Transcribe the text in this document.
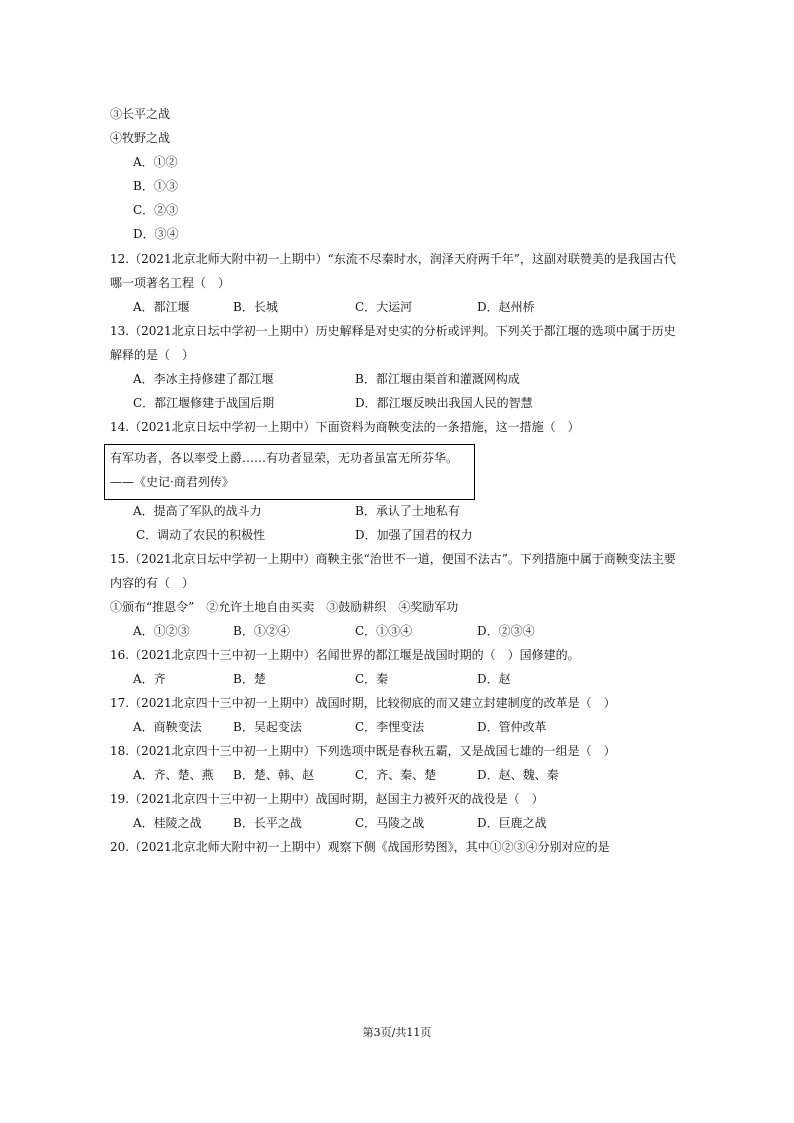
③长平之战
④牧野之战
A．①②
B．①③
C．②③
D．③④
12.（2021北京北师大附中初一上期中）“东流不尽秦时水，润泽天府两千年”，这副对联赞美的是我国古代
哪一项著名工程（　）
A．都江堰	B．长城	C．大运河	D．赵州桥
13.（2021北京日坛中学初一上期中）历史解释是对史实的分析或评判。下列关于都江堰的选项中属于历史
解释的是（　）
A．李冰主持修建了都江堰	B．都江堰由渠首和灌溉网构成
C．都江堰修建于战国后期	D．都江堰反映出我国人民的智慧
14.（2021北京日坛中学初一上期中）下面资料为商鞅变法的一条措施，这一措施（　）
有军功者，各以率受上爵……有功者显荣，无功者虽富无所芬华。
——《史记·商君列传》
A．提高了军队的战斗力	B．承认了土地私有
C．调动了农民的积极性	D．加强了国君的权力
15.（2021北京日坛中学初一上期中）商鞅主张“治世不一道，便国不法古”。下列措施中属于商鞅变法主要
内容的有（　）
①颁布“推恩令”　②允许土地自由买卖　③鼓励耕织　④奖励军功
A．①②③	B．①②④	C．①③④	D．②③④
16.（2021北京四十三中初一上期中）名闻世界的都江堰是战国时期的（　）国修建的。
A．齐	B．楚	C．秦	D．赵
17.（2021北京四十三中初一上期中）战国时期，比较彻底的而又建立封建制度的改革是（　）
A．商鞅变法	B．吴起变法	C．李悝变法	D．管仲改革
18.（2021北京四十三中初一上期中）下列选项中既是春秋五霸，又是战国七雄的一组是（　）
A．齐、楚、燕 B．楚、韩、赵	C．齐、秦、楚	D．赵、魏、秦
19.（2021北京四十三中初一上期中）战国时期，赵国主力被歼灭的战役是（　）
A．桂陵之战	B．长平之战	C．马陵之战	D．巨鹿之战
20.（2021北京北师大附中初一上期中）观察下侧《战国形势图》，其中①②③④分别对应的是
第3页/共11页
